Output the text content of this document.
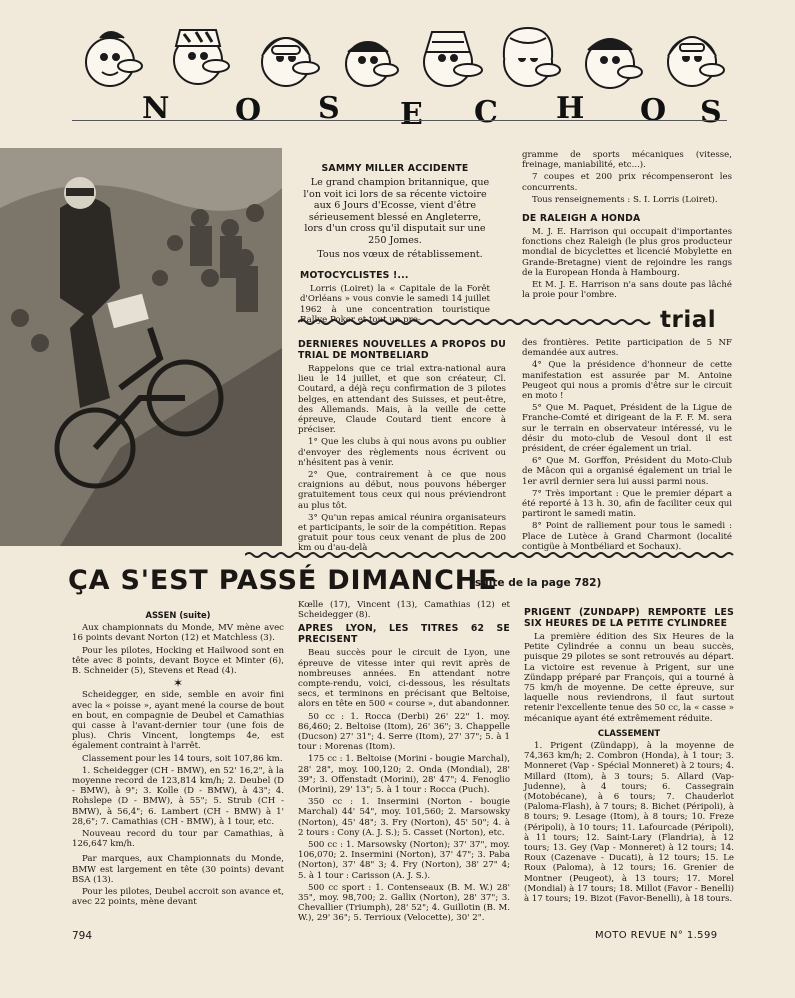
N O S E C H O S
SAMMY MILLER ACCIDENTE

Le grand champion britannique, que l'on voit ici lors de sa récente victoire aux 6 Jours d'Ecosse, vient d'être sérieusement blessé en Angleterre, lors d'un cross qu'il disputait sur une 250 Jomes.

Tous nos vœux de rétablissement.

MOTOCYCLISTES !...

Lorris (Loiret) la « Capitale de la Forêt d'Orléans » vous convie le samedi 14 juillet 1962 à une concentration touristique Rallye Poker et tout un pro-

gramme de sports mécaniques (vitesse, freinage, maniabilité, etc...).

7 coupes et 200 prix récompenseront les concurrents.

Tous renseignements : S. I. Lorris (Loiret).

DE RALEIGH A HONDA

M. J. E. Harrison qui occupait d'importantes fonctions chez Raleigh (le plus gros producteur mondial de bicyclettes et licencié Mobylette en Grande-Bretagne) vient de rejoindre les rangs de la European Honda à Hambourg.

Et M. J. E. Harrison n'a sans doute pas lâché la proie pour l'ombre.

trial
DERNIERES NOUVELLES A PROPOS DU TRIAL DE MONTBELIARD

Rappelons que ce trial extra-national aura lieu le 14 juillet, et que son créateur, Cl. Coutard, a déjà reçu confirmation de 3 pilotes belges, en attendant des Suisses, et peut-être, des Allemands. Mais, à la veille de cette épreuve, Claude Coutard tient encore à préciser.

1° Que les clubs à qui nous avons pu oublier d'envoyer des règlements nous écrivent ou n'hésitent pas à venir.

2° Que, contrairement à ce que nous craignions au début, nous pouvons héberger gratuitement tous ceux qui nous préviendront au plus tôt.

3° Qu'un repas amical réunira organisateurs et participants, le soir de la compétition. Repas gratuit pour tous ceux venant de plus de 200 km ou d'au-delà

des frontières. Petite participation de 5 NF demandée aux autres.

4° Que la présidence d'honneur de cette manifestation est assurée par M. Antoine Peugeot qui nous a promis d'être sur le circuit en moto !

5° Que M. Paquet, Président de la Ligue de Franche-Comté et dirigeant de la F. F. M. sera sur le terrain en observateur intéressé, vu le désir du moto-club de Vesoul dont il est président, de créer également un trial.

6° Que M. Gorffon, Président du Moto-Club de Mâcon qui a organisé également un trial le 1er avril dernier sera lui aussi parmi nous.

7° Très important : Que le premier départ a été reporté à 13 h. 30, afin de faciliter ceux qui partiront le samedi matin.

8° Point de ralliement pour tous le samedi : Place de Lutèce à Grand Charmont (localité contigüe à Montbéliard et Sochaux).

ÇA S'EST PASSÉ DIMANCHE
(suite de la page 782)
ASSEN (suite)

Aux championnats du Monde, MV mène avec 16 points devant Norton (12) et Matchless (3).

Pour les pilotes, Hocking et Hailwood sont en tête avec 8 points, devant Boyce et Minter (6), B. Schneider (5), Stevens et Read (4).

✶

Scheidegger, en side, semble en avoir fini avec la « poisse », ayant mené la course de bout en bout, en compagnie de Deubel et Camathias qui casse à l'avant-dernier tour (une fois de plus). Chris Vincent, longtemps 4e, est également contraint à l'arrêt.

Classement pour les 14 tours, soit 107,86 km.

1. Scheidegger (CH - BMW), en 52' 16,2", à la moyenne record de 123,814 km/h; 2. Deubel (D - BMW), à 9"; 3. Kolle (D - BMW), à 43"; 4. Rohslepe (D - BMW), à 55"; 5. Strub (CH - BMW), à 56,4"; 6. Lambert (CH - BMW) à 1' 28,6"; 7. Camathias (CH - BMW), à 1 tour, etc.

Nouveau record du tour par Camathias, à 126,647 km/h.

Par marques, aux Championnats du Monde, BMW est largement en tête (30 points) devant BSA (13).

Pour les pilotes, Deubel accroit son avance et, avec 22 points, mène devant

Kœlle (17), Vincent (13), Camathias (12) et Scheidegger (8).

APRES LYON, LES TITRES 62 SE PRECISENT

Beau succès pour le circuit de Lyon, une épreuve de vitesse inter qui revit après de nombreuses années. En attendant notre compte-rendu, voici, ci-dessous, les résultats secs, et terminons en précisant que Beltoise, alors en tête en 500 « course », dut abandonner.

50 cc : 1. Rocca (Derbi) 26' 22" 1. moy. 86,460; 2. Beltoise (Itom), 26' 36"; 3. Chappelle (Ducson) 27' 31"; 4. Serre (Itom), 27' 37"; 5. à 1 tour : Morenas (Itom).

175 cc : 1. Beltoise (Morini - bougie Marchal), 28' 28", moy. 100,120; 2. Onda (Mondial), 28' 39"; 3. Offenstadt (Morini), 28' 47"; 4. Fenoglio (Morini), 29' 13"; 5. à 1 tour : Rocca (Puch).

350 cc : 1. Insermini (Norton - bougie Marchal) 44' 54", moy. 101,560; 2. Marsowsky (Norton), 45' 48"; 3. Fry (Norton), 45' 50"; 4. à 2 tours : Cony (A. J. S.); 5. Casset (Norton), etc.

500 cc : 1. Marsowsky (Norton); 37' 37", moy. 106,070; 2. Insermini (Norton), 37' 47"; 3. Paba (Norton), 37' 48" 3; 4. Fry (Norton), 38' 27" 4; 5. à 1 tour : Carisson (A. J. S.).

500 cc sport : 1. Contenseaux (B. M. W.) 28' 35", moy. 98,700; 2. Gallix (Norton), 28' 37"; 3. Chevallier (Triumph), 28' 52"; 4. Guillotin (B. M. W.), 29' 36"; 5. Terrioux (Velocette), 30' 2".

PRIGENT (ZUNDAPP) REMPORTE LES SIX HEURES DE LA PETITE CYLINDREE

La première édition des Six Heures de la Petite Cylindrée a connu un beau succès, puisque 29 pilotes se sont retrouvés au départ. La victoire est revenue à Prigent, sur une Zündapp préparé par François, qui a tourné à 75 km/h de moyenne. De cette épreuve, sur laquelle nous reviendrons, il faut surtout retenir l'excellente tenue des 50 cc, la « casse » mécanique ayant été extrêmement réduite.

CLASSEMENT

1. Prigent (Zündapp), à la moyenne de 74,363 km/h; 2. Combron (Honda), à 1 tour; 3. Monneret (Vap - Spécial Monneret) à 2 tours; 4. Millard (Itom), à 3 tours; 5. Allard (Vap-Judenne), à 4 tours; 6. Cassegrain (Motobécane), à 6 tours; 7. Chauderlot (Paloma-Flash), à 7 tours; 8. Bichet (Péripoli), à 8 tours; 9. Lesage (Itom), à 8 tours; 10. Freze (Péripoli), à 10 tours; 11. Lafourcade (Péripoli), à 11 tours; 12. Saint-Lary (Flandria), à 12 tours; 13. Gey (Vap - Monneret) à 12 tours; 14. Roux (Cazenave - Ducati), à 12 tours; 15. Le Roux (Paloma), à 12 tours; 16. Grenier de Montner (Peugeot), à 13 tours; 17. Morel (Mondial) à 17 tours; 18. Millot (Favor - Benelli) à 17 tours; 19. Bizot (Favor-Benelli), à 18 tours.

794	MOTO REVUE N° 1.599
